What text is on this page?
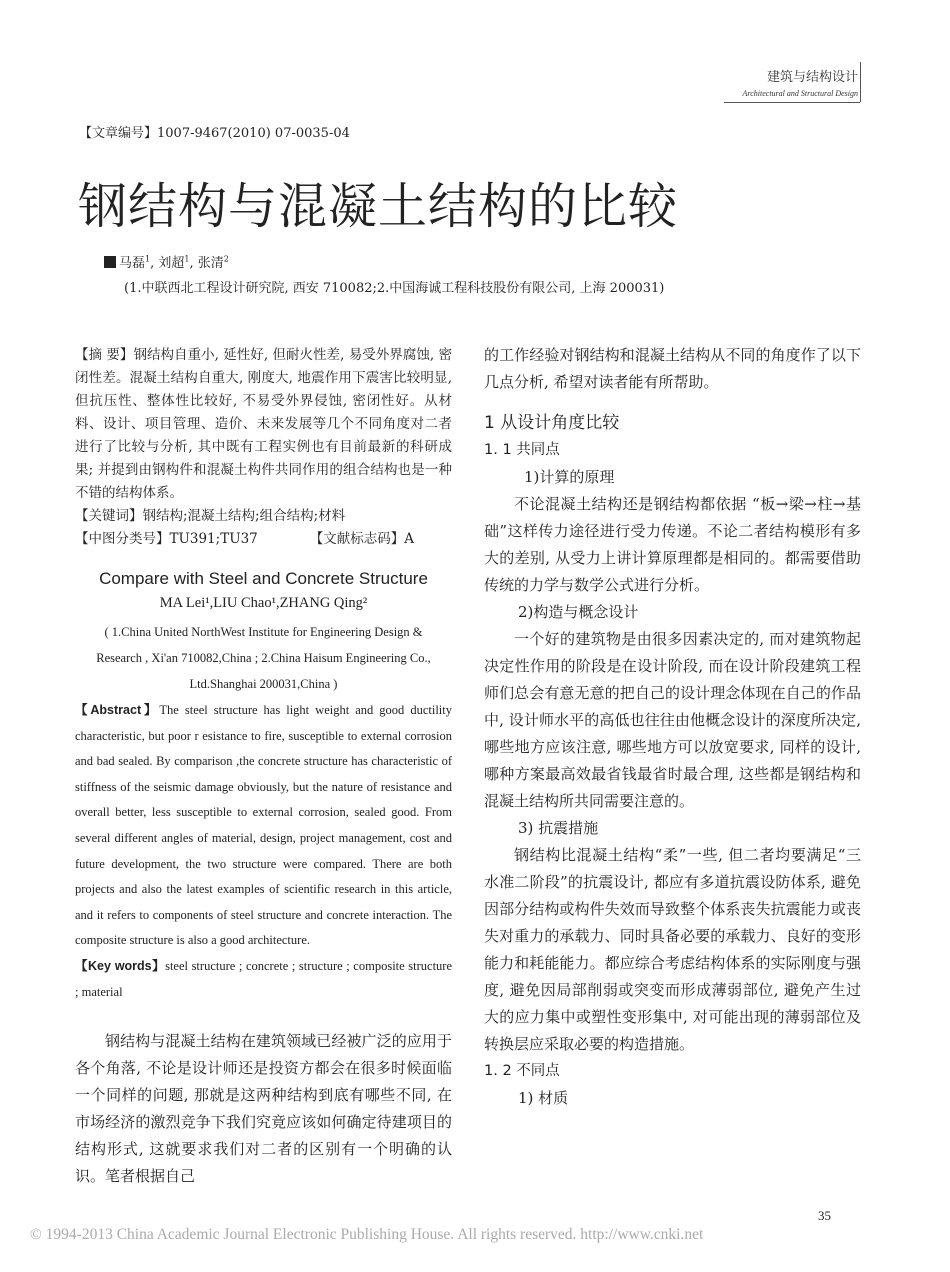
建筑与结构设计
Architectural and Structural Design
【文章编号】1007-9467(2010) 07-0035-04
钢结构与混凝土结构的比较
马磊$^1$, 刘超$^1$, 张清$^2$
(1.中联西北工程设计研究院, 西安 710082;2.中国海诚工程科技股份有限公司, 上海 200031)

【摘 要】钢结构自重小, 延性好, 但耐火性差, 易受外界腐蚀, 密闭性差。混凝土结构自重大, 刚度大, 地震作用下震害比较明显, 但抗压性、整体性比较好, 不易受外界侵蚀, 密闭性好。从材料、设计、项目管理、造价、未来发展等几个不同角度对二者进行了比较与分析, 其中既有工程实例也有目前最新的科研成果; 并提到由钢构件和混凝土构件共同作用的组合结构也是一种不错的结构体系。

【关键词】钢结构;混凝土结构;组合结构;材料

【中图分类号】TU391;TU37	【文献标志码】A

Compare with Steel and Concrete Structure
MA Lei¹,LIU Chao¹,ZHANG Qing²
( 1.China United NorthWest Institute for Engineering Design &
Research , Xi'an 710082,China ; 2.China Haisum Engineering Co.,
Ltd.Shanghai 200031,China )

【Abstract】The steel structure has light weight and good ductility characteristic, but poor r esistance to fire, susceptible to external corrosion and bad sealed. By comparison ,the concrete structure has characteristic of stiffness of the seismic damage obviously, but the nature of resistance and overall better, less susceptible to external corrosion, sealed good. From several different angles of material, design, project management, cost and future development, the two structure were compared. There are both projects and also the latest examples of scientific research in this article, and it refers to components of steel structure and concrete interaction. The composite structure is also a good architecture.

【Key words】steel structure ; concrete ; structure ; composite structure ; material

钢结构与混凝土结构在建筑领域已经被广泛的应用于各个角落, 不论是设计师还是投资方都会在很多时候面临一个同样的问题, 那就是这两种结构到底有哪些不同, 在市场经济的激烈竞争下我们究竟应该如何确定待建项目的结构形式, 这就要求我们对二者的区别有一个明确的认识。笔者根据自己

的工作经验对钢结构和混凝土结构从不同的角度作了以下几点分析, 希望对读者能有所帮助。

1 从设计角度比较
1. 1 共同点
1)计算的原理

不论混凝土结构还是钢结构都依据 “板→梁→柱→基础”这样传力途径进行受力传递。不论二者结构模形有多大的差别, 从受力上讲计算原理都是相同的。都需要借助传统的力学与数学公式进行分析。

2)构造与概念设计

一个好的建筑物是由很多因素决定的, 而对建筑物起决定性作用的阶段是在设计阶段, 而在设计阶段建筑工程师们总会有意无意的把自己的设计理念体现在自己的作品中, 设计师水平的高低也往往由他概念设计的深度所决定, 哪些地方应该注意, 哪些地方可以放宽要求, 同样的设计, 哪种方案最高效最省钱最省时最合理, 这些都是钢结构和混凝土结构所共同需要注意的。

3) 抗震措施

钢结构比混凝土结构“柔”一些, 但二者均要满足“三水准二阶段”的抗震设计, 都应有多道抗震设防体系, 避免因部分结构或构件失效而导致整个体系丧失抗震能力或丧失对重力的承载力、同时具备必要的承载力、良好的变形能力和耗能能力。都应综合考虑结构体系的实际刚度与强度, 避免因局部削弱或突变而形成薄弱部位, 避免产生过大的应力集中或塑性变形集中, 对可能出现的薄弱部位及转换层应采取必要的构造措施。

1. 2 不同点
1) 材质
35
© 1994-2013 China Academic Journal Electronic Publishing House. All rights reserved. http://www.cnki.net
